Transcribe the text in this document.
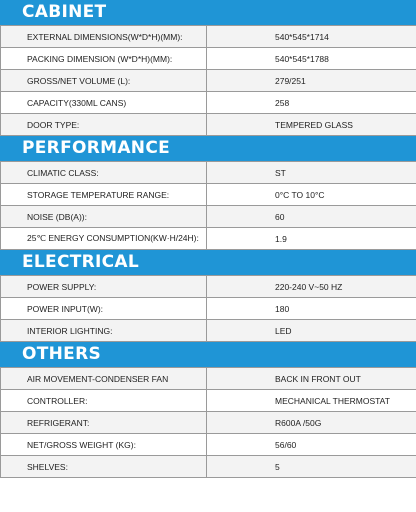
CABINET
EXTERNAL DIMENSIONS(W*D*H)(MM):	540*545*1714
PACKING DIMENSION (W*D*H)(MM):	540*545*1788
GROSS/NET VOLUME (L):	279/251
CAPACITY(330ML CANS)	258
DOOR TYPE:	TEMPERED GLASS
PERFORMANCE
CLIMATIC CLASS:	ST
STORAGE TEMPERATURE RANGE:	0°C TO 10°C
NOISE (DB(A)):	60
25℃ ENERGY CONSUMPTION(KW·H/24H):	1.9
ELECTRICAL
POWER SUPPLY:	220-240 V~50 HZ
POWER INPUT(W):	180
INTERIOR LIGHTING:	LED
OTHERS
AIR MOVEMENT-CONDENSER FAN	BACK IN FRONT OUT
CONTROLLER:	MECHANICAL THERMOSTAT
REFRIGERANT:	R600A /50G
NET/GROSS WEIGHT (KG):	56/60
SHELVES:	5
